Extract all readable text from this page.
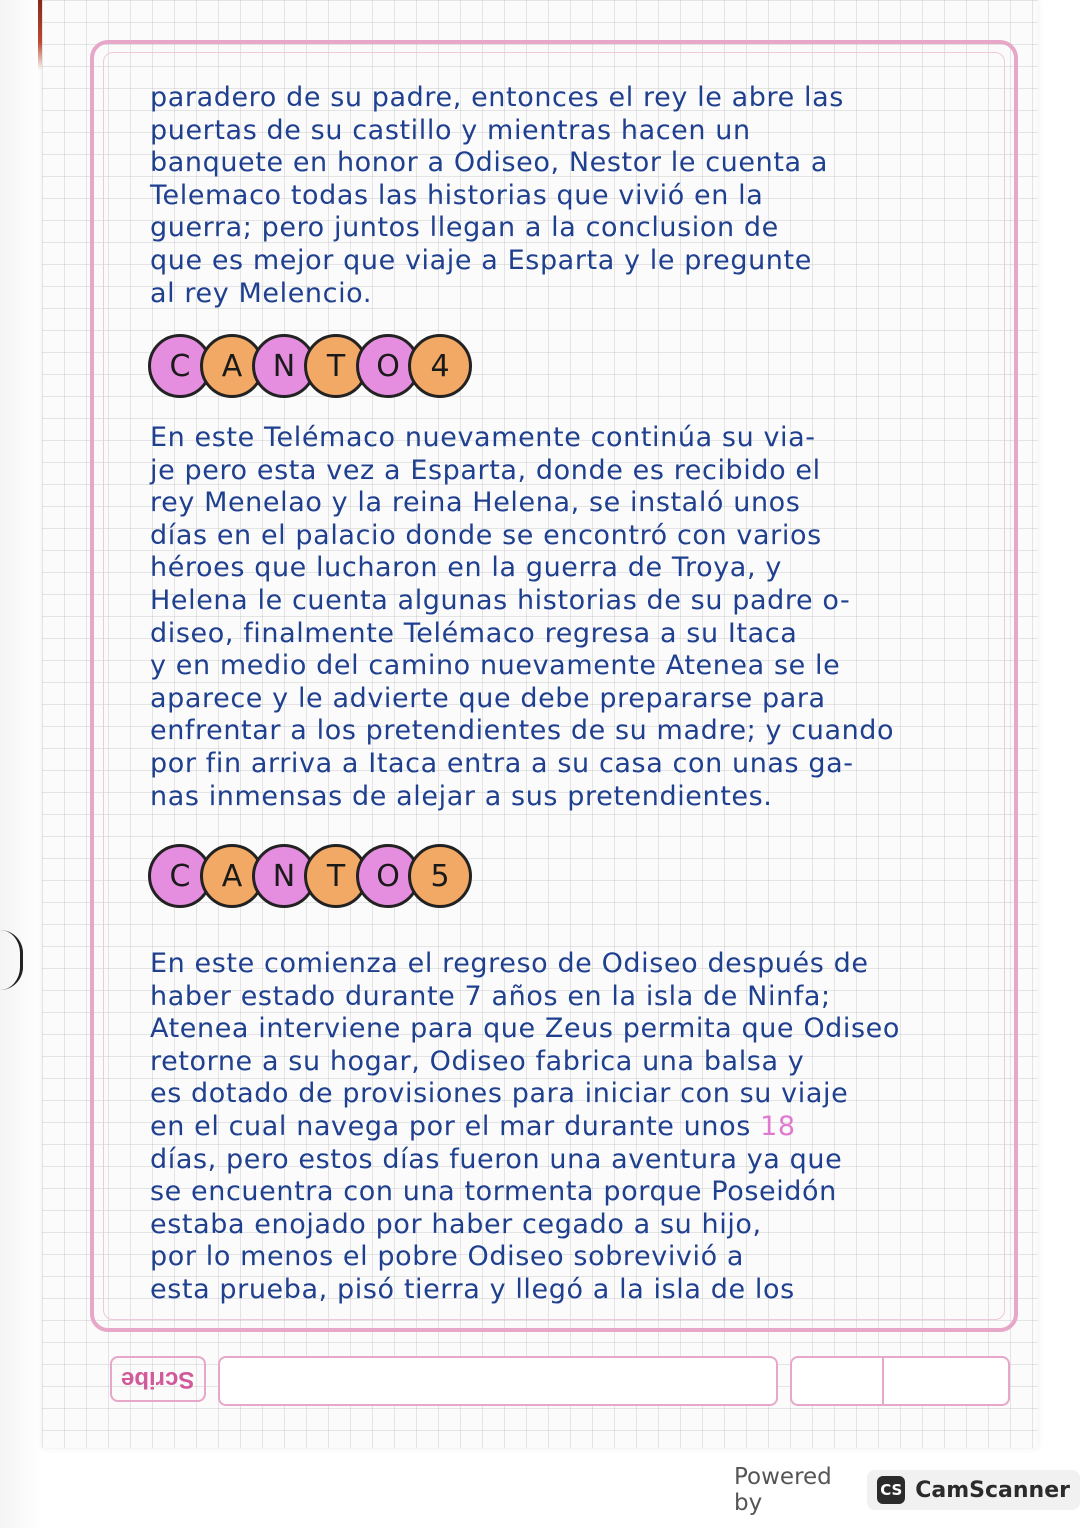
paradero de su padre, entonces el rey le abre las
puertas de su castillo y mientras hacen un
banquete en honor a Odiseo, Nestor le cuenta a
Telemaco todas las historias que vivió en la
guerra; pero juntos llegan a la conclusion de
que es mejor que viaje a Esparta y le pregunte
al rey Melencio.

C	A	N	T	O	4

En este Telémaco nuevamente continúa su via-
je pero esta vez a Esparta, donde es recibido el
rey Menelao y la reina Helena, se instaló unos
días en el palacio donde se encontró con varios
héroes que lucharon en la guerra de Troya, y
Helena le cuenta algunas historias de su padre o-
diseo, finalmente Telémaco regresa a su Itaca
y en medio del camino nuevamente Atenea se le
aparece y le advierte que debe prepararse para
enfrentar a los pretendientes de su madre; y cuando
por fin arriva a Itaca entra a su casa con unas ga-
nas inmensas de alejar a sus pretendientes.

C	A	N	T	O	5

En este comienza el regreso de Odiseo después de
haber estado durante 7 años en la isla de Ninfa;
Atenea interviene para que Zeus permita que Odiseo
retorne a su hogar, Odiseo fabrica una balsa y
es dotado de provisiones para iniciar con su viaje
en el cual navega por el mar durante unos 18
días, pero estos días fueron una aventura ya que
se encuentra con una tormenta porque Poseidón
estaba enojado por haber cegado a su hijo,
por lo menos el pobre Odiseo sobrevivió a
esta prueba, pisó tierra y llegó a la isla de los

Scribe
Powered by	CS CamScanner
